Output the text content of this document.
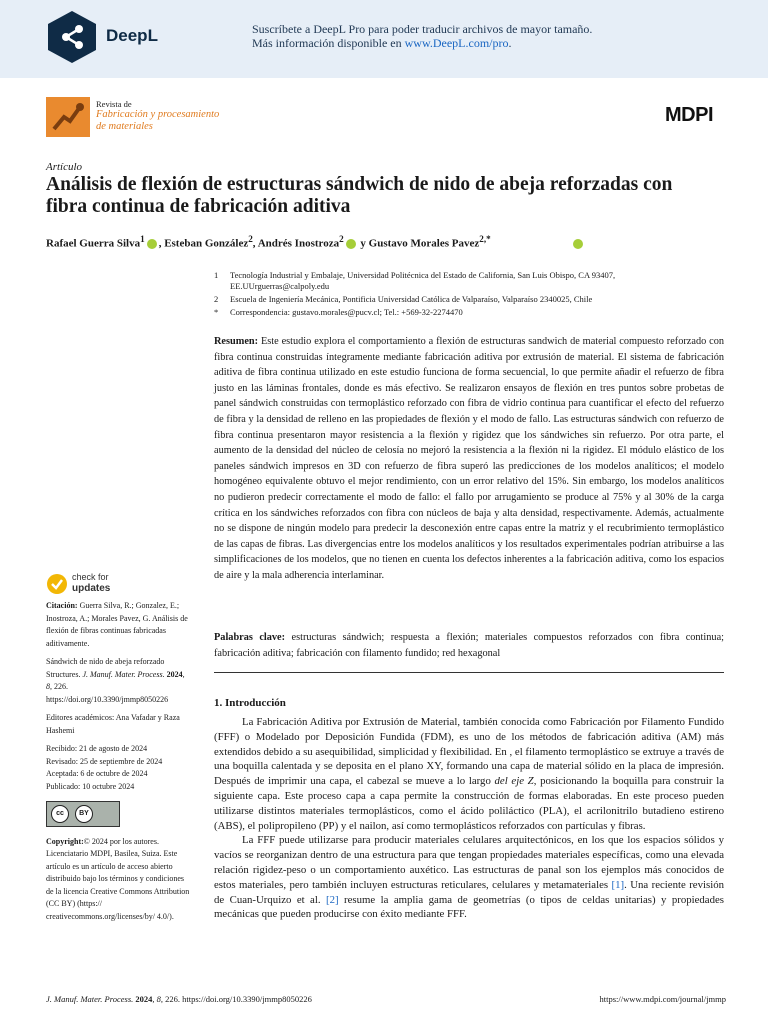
DeepL	Suscríbete a DeepL Pro para poder traducir archivos de mayor tamaño.
Más información disponible en www.DeepL.com/pro.
Revista de
Fabricación y procesamiento
de materiales
MDPI
Artículo
Análisis de flexión de estructuras sándwich de nido de abeja reforzadas con fibra continua de fabricación aditiva
Rafael Guerra Silva$^1$ , Esteban González$^2$, Andrés Inostroza$^2$ y Gustavo Morales Pavez$^{2,*}$
1	Tecnología Industrial y Embalaje, Universidad Politécnica del Estado de California, San Luis Obispo, CA 93407, EE.UUrguerras@calpoly.edu
2	Escuela de Ingeniería Mecánica, Pontificia Universidad Católica de Valparaíso, Valparaíso 2340025, Chile
*	Correspondencia: gustavo.morales@pucv.cl; Tel.: +569-32-2274470
Resumen: Este estudio explora el comportamiento a flexión de estructuras sandwich de material compuesto reforzado con fibra continua construidas íntegramente mediante fabricación aditiva por extrusión de material. El sistema de fabricación aditiva de fibra continua utilizado en este estudio funciona de forma secuencial, lo que permite añadir el refuerzo de fibra justo en las láminas frontales, donde es más efectivo. Se realizaron ensayos de flexión en tres puntos sobre probetas de panel sándwich construidas con termoplástico reforzado con fibra de vidrio continua para cuantificar el efecto del refuerzo de fibra y la densidad de relleno en las propiedades de flexión y el modo de fallo. Las estructuras sándwich con refuerzo de fibra continua presentaron mayor resistencia a la flexión y rigidez que los sándwiches sin refuerzo. Por otra parte, el aumento de la densidad del núcleo de celosía no mejoró la resistencia a la flexión ni la rigidez. El módulo elástico de los paneles sándwich impresos en 3D con refuerzo de fibra superó las predicciones de los modelos analíticos; el modelo homogéneo equivalente obtuvo el mejor rendimiento, con un error relativo del 15%. Sin embargo, los modelos analíticos no pudieron predecir correctamente el modo de fallo: el fallo por arrugamiento se produce al 75% y al 30% de la carga crítica en los sándwiches reforzados con fibra con núcleos de baja y alta densidad, respectivamente. Además, actualmente no se dispone de ningún modelo para predecir la desconexión entre capas entre la matriz y el recubrimiento termoplástico de las capas de fibras. Las divergencias entre los modelos analíticos y los resultados experimentales podrían atribuirse a las simplificaciones de los modelos, que no tienen en cuenta los defectos inherentes a la fabricación aditiva, como los espacios de aire y la mala adherencia interlaminar.
Palabras clave: estructuras sándwich; respuesta a flexión; materiales compuestos reforzados con fibra continua; fabricación aditiva; fabricación con filamento fundido; red hexagonal
1. Introducción

La Fabricación Aditiva por Extrusión de Material, también conocida como Fabricación por Filamento Fundido (FFF) o Modelado por Deposición Fundida (FDM), es uno de los métodos de fabricación aditiva (AM) más extendidos debido a su asequibilidad, simplicidad y flexibilidad. En , el filamento termoplástico se extruye a través de una boquilla calentada y se deposita en el plano XY, formando una capa de material sólido en la placa de impresión. Después de imprimir una capa, el cabezal se mueve a lo largo del eje Z, posicionando la boquilla para construir la siguiente capa. Este proceso capa a capa permite la construcción de formas elaboradas. En este proceso pueden utilizarse distintos materiales termoplásticos, como el ácido poliláctico (PLA), el acrilonitrilo butadieno estireno (ABS), el polipropileno (PP) y el nailon, así como termoplásticos reforzados con partículas y fibras.

La FFF puede utilizarse para producir materiales celulares arquitectónicos, en los que los espacios sólidos y vacíos se reorganizan dentro de una estructura para que tengan propiedades materiales específicas, como una elevada relación rigidez-peso o un comportamiento auxético. Las estructuras de panal son los ejemplos más conocidos de estos materiales, pero también incluyen estructuras reticulares, celulares y metamateriales [1]. Una reciente revisión de Cuan-Urquizo et al. [2] resume la amplia gama de geometrías (o tipos de celdas unitarias) y propiedades mecánicas que pueden producirse con éxito mediante FFF.

check for
updates
Citación: Guerra Silva, R.; Gonzalez, E.; Inostroza, A.; Morales Pavez, G. Análisis de flexión de fibras continuas fabricadas aditivamente.
Sándwich de nido de abeja reforzado Structures. J. Manuf. Mater. Process. 2024, 8, 226. https://doi.org/10.3390/jmmp8050226
Editores académicos: Ana Vafadar y Raza Hashemi
Recibido: 21 de agosto de 2024
Revisado: 25 de septiembre de 2024
Aceptada: 6 de octubre de 2024
Publicado: 10 octubre 2024
cc	BY
Copyright:© 2024 por los autores. Licenciatario MDPI, Basilea, Suiza. Este artículo es un artículo de acceso abierto distribuido bajo los términos y condiciones de la licencia Creative Commons Attribution (CC BY) (https:// creativecommons.org/licenses/by/ 4.0/).
J. Manuf. Mater. Process. 2024, 8, 226. https://doi.org/10.3390/jmmp8050226	https://www.mdpi.com/journal/jmmp
